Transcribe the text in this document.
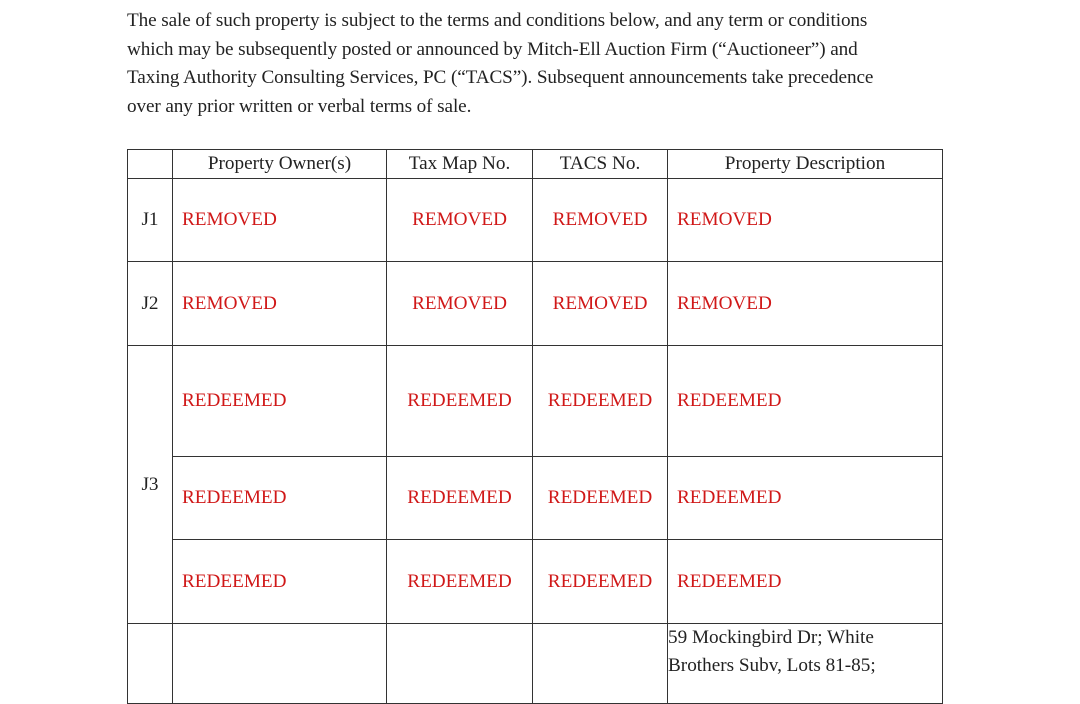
The sale of such property is subject to the terms and conditions below, and any term or conditions
which may be subsequently posted or announced by Mitch-Ell Auction Firm (“Auctioneer”) and
Taxing Authority Consulting Services, PC (“TACS”). Subsequent announcements take precedence
over any prior written or verbal terms of sale.
	Property Owner(s)	Tax Map No.	TACS No.	Property Description
J1	REMOVED	REMOVED	REMOVED	REMOVED
J2	REMOVED	REMOVED	REMOVED	REMOVED
J3	REDEEMED	REDEEMED	REDEEMED	REDEEMED
	REDEEMED	REDEEMED	REDEEMED	REDEEMED
	REDEEMED	REDEEMED	REDEEMED	REDEEMED

				59 Mockingbird Dr; White
Brothers Subv, Lots 81-85;
